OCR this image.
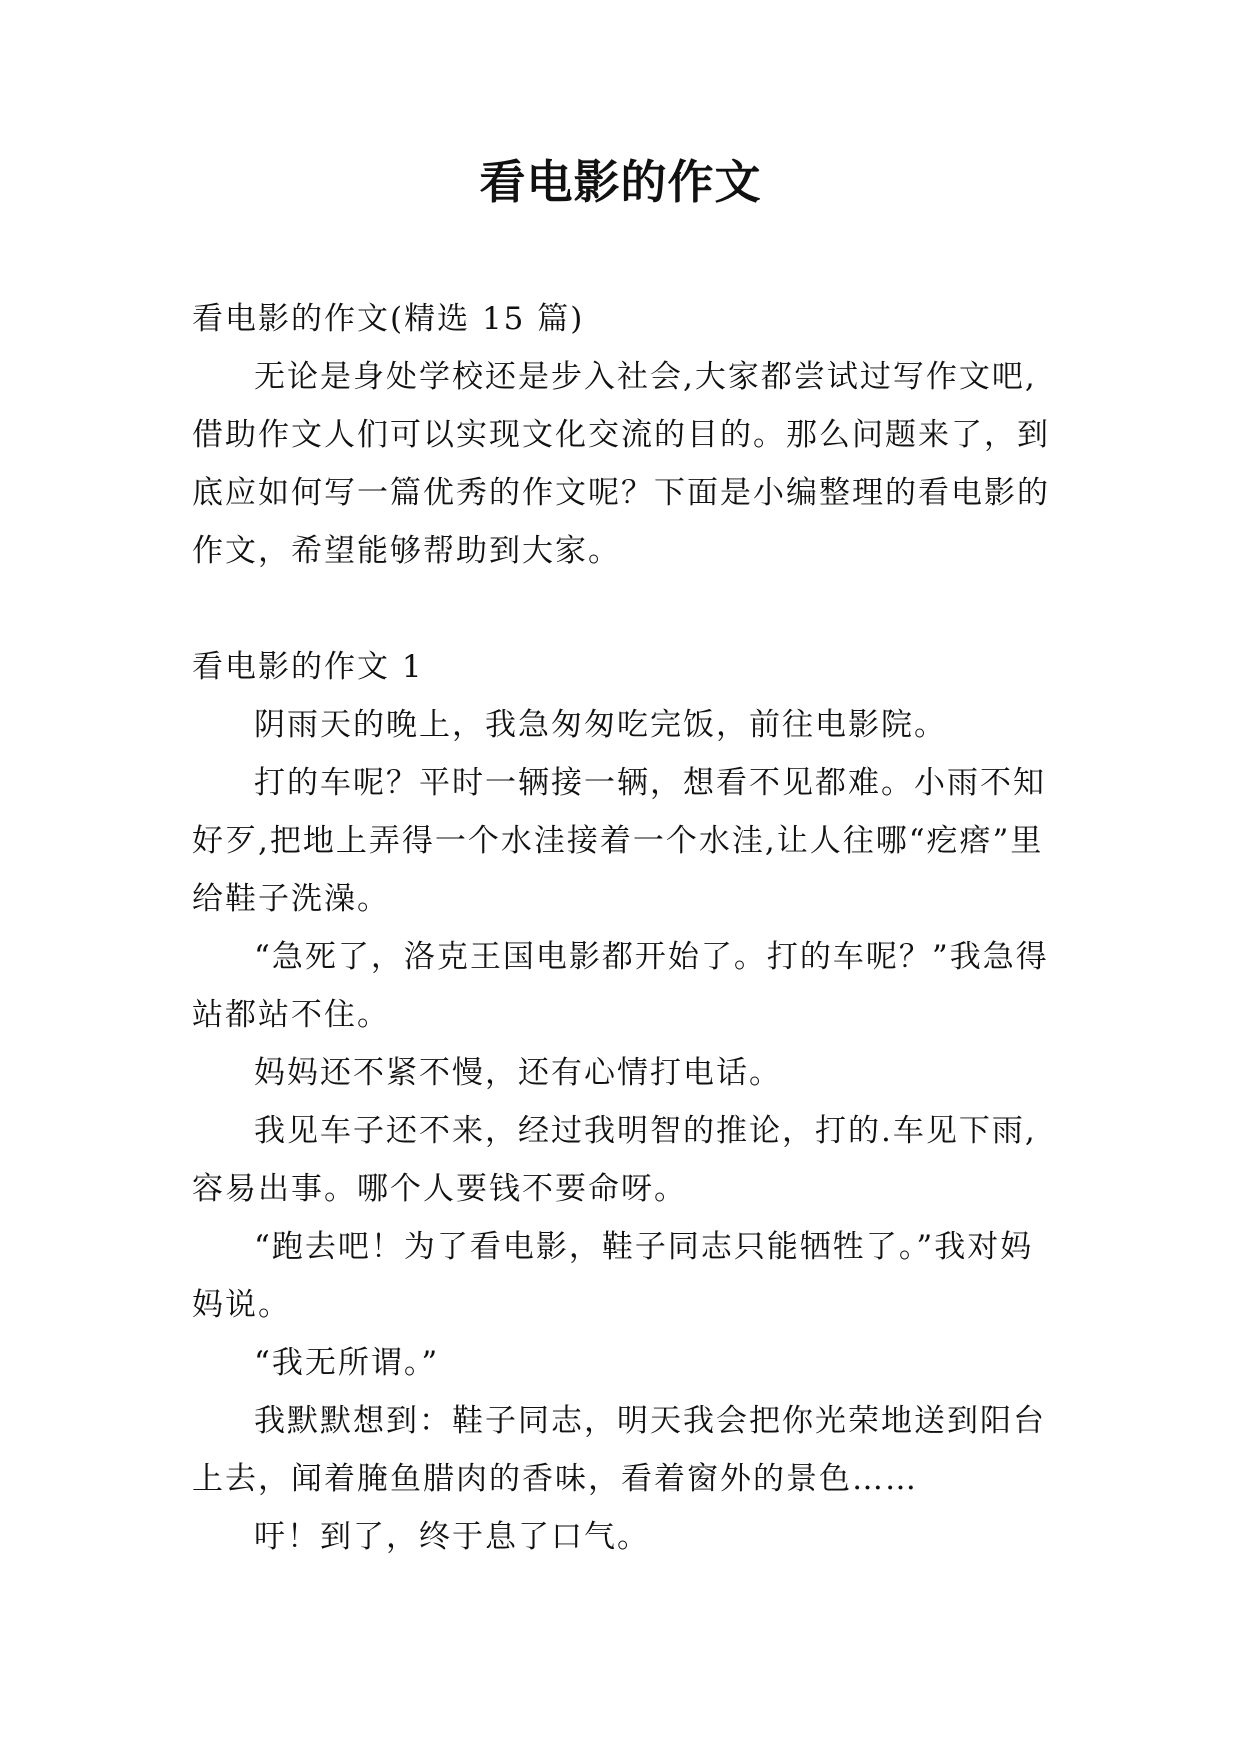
看电影的作文

看电影的作文(精选 15 篇)

无论是身处学校还是步入社会,大家都尝试过写作文吧,借助作文人们可以实现文化交流的目的。那么问题来了，到底应如何写一篇优秀的作文呢？下面是小编整理的看电影的作文，希望能够帮助到大家。

看电影的作文 1

阴雨天的晚上，我急匆匆吃完饭，前往电影院。

打的车呢？平时一辆接一辆，想看不见都难。小雨不知好歹,把地上弄得一个水洼接着一个水洼,让人往哪“疙瘩”里给鞋子洗澡。

“急死了，洛克王国电影都开始了。打的车呢？”我急得站都站不住。

妈妈还不紧不慢，还有心情打电话。

我见车子还不来，经过我明智的推论，打的.车见下雨,容易出事。哪个人要钱不要命呀。

“跑去吧！为了看电影，鞋子同志只能牺牲了。”我对妈妈说。

“我无所谓。”

我默默想到：鞋子同志，明天我会把你光荣地送到阳台上去，闻着腌鱼腊肉的香味，看着窗外的景色……

吁！到了，终于息了口气。
